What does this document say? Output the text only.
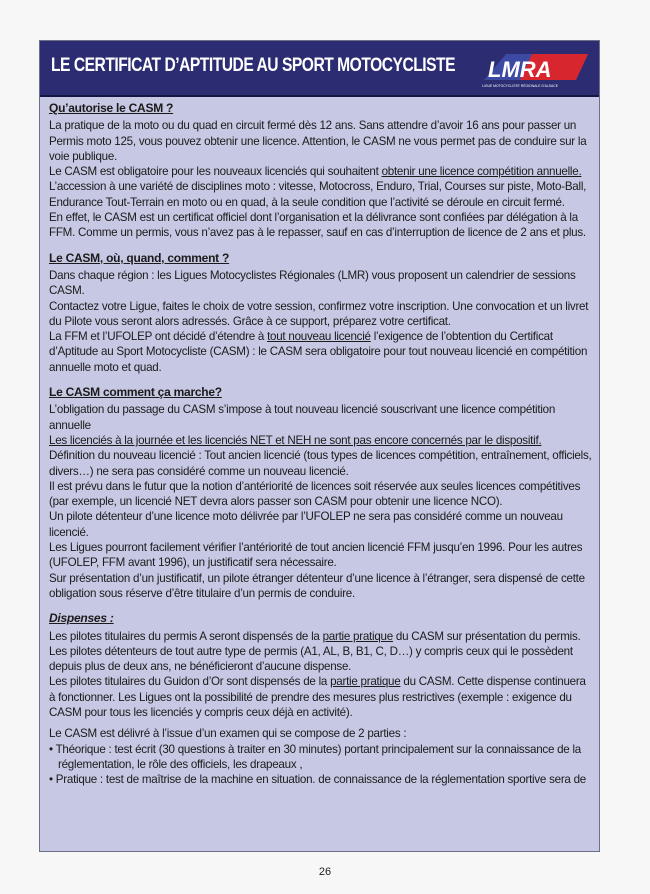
LE CERTIFICAT D’APTITUDE AU SPORT MOTOCYCLISTE LMRA
LIGUE MOTOCYCLISTE RÉGIONALE D'ALSACE
Qu’autorise le CASM ?

La pratique de la moto ou du quad en circuit fermé dès 12 ans. Sans attendre d’avoir 16 ans pour passer un Permis moto 125, vous pouvez obtenir une licence. Attention, le CASM ne vous permet pas de conduire sur la voie publique.

Le CASM est obligatoire pour les nouveaux licenciés qui souhaitent obtenir une licence compétition annuelle.

L’accession à une variété de disciplines moto : vitesse, Motocross, Enduro, Trial, Courses sur piste, Moto-Ball, Endurance Tout-Terrain en moto ou en quad, à la seule condition que l’activité se déroule en circuit fermé.

En effet, le CASM est un certificat officiel dont l’organisation et la délivrance sont confiées par délégation à la FFM. Comme un permis, vous n’avez pas à le repasser, sauf en cas d’interruption de licence de 2 ans et plus.

Le CASM, où, quand, comment ?

Dans chaque région : les Ligues Motocyclistes Régionales (LMR) vous proposent un calendrier de sessions CASM.

Contactez votre Ligue, faites le choix de votre session, confirmez votre inscription. Une convocation et un livret du Pilote vous seront alors adressés. Grâce à ce support, préparez votre certificat.

La FFM et l’UFOLEP ont décidé d’étendre à tout nouveau licencié l’exigence de l’obtention du Certificat d’Aptitude au Sport Motocycliste (CASM) : le CASM sera obligatoire pour tout nouveau licencié en compétition annuelle moto et quad.

Le CASM comment ça marche?

L’obligation du passage du CASM s’impose à tout nouveau licencié souscrivant une licence compétition annuelle

Les licenciés à la journée et les licenciés NET et NEH ne sont pas encore concernés par le dispositif.

Définition du nouveau licencié : Tout ancien licencié (tous types de licences compétition, entraînement, officiels, divers…) ne sera pas considéré comme un nouveau licencié.

Il est prévu dans le futur que la notion d’antériorité de licences soit réservée aux seules licences compétitives (par exemple, un licencié NET devra alors passer son CASM pour obtenir une licence NCO).

Un pilote détenteur d’une licence moto délivrée par l’UFOLEP ne sera pas considéré comme un nouveau licencié.

Les Ligues pourront facilement vérifier l’antériorité de tout ancien licencié FFM jusqu’en 1996. Pour les autres (UFOLEP, FFM avant 1996), un justificatif sera nécessaire.

Sur présentation d’un justificatif, un pilote étranger détenteur d’une licence à l’étranger, sera dispensé de cette obligation sous réserve d’être titulaire d’un permis de conduire.

Dispenses :

Les pilotes titulaires du permis A seront dispensés de la partie pratique du CASM sur présentation du permis.

Les pilotes détenteurs de tout autre type de permis (A1, AL, B, B1, C, D…) y compris ceux qui le possèdent depuis plus de deux ans, ne bénéficieront d’aucune dispense.

Les pilotes titulaires du Guidon d’Or sont dispensés de la partie pratique du CASM. Cette dispense continuera à fonctionner. Les Ligues ont la possibilité de prendre des mesures plus restrictives (exemple : exigence du CASM pour tous les licenciés y compris ceux déjà en activité).

Le CASM est délivré à l’issue d’un examen qui se compose de 2 parties :

• Théorique : test écrit (30 questions à traiter en 30 minutes) portant principalement sur la connaissance de la réglementation, le rôle des officiels, les drapeaux ,

• Pratique : test de maîtrise de la machine en situation. de connaissance de la réglementation sportive sera de

26
